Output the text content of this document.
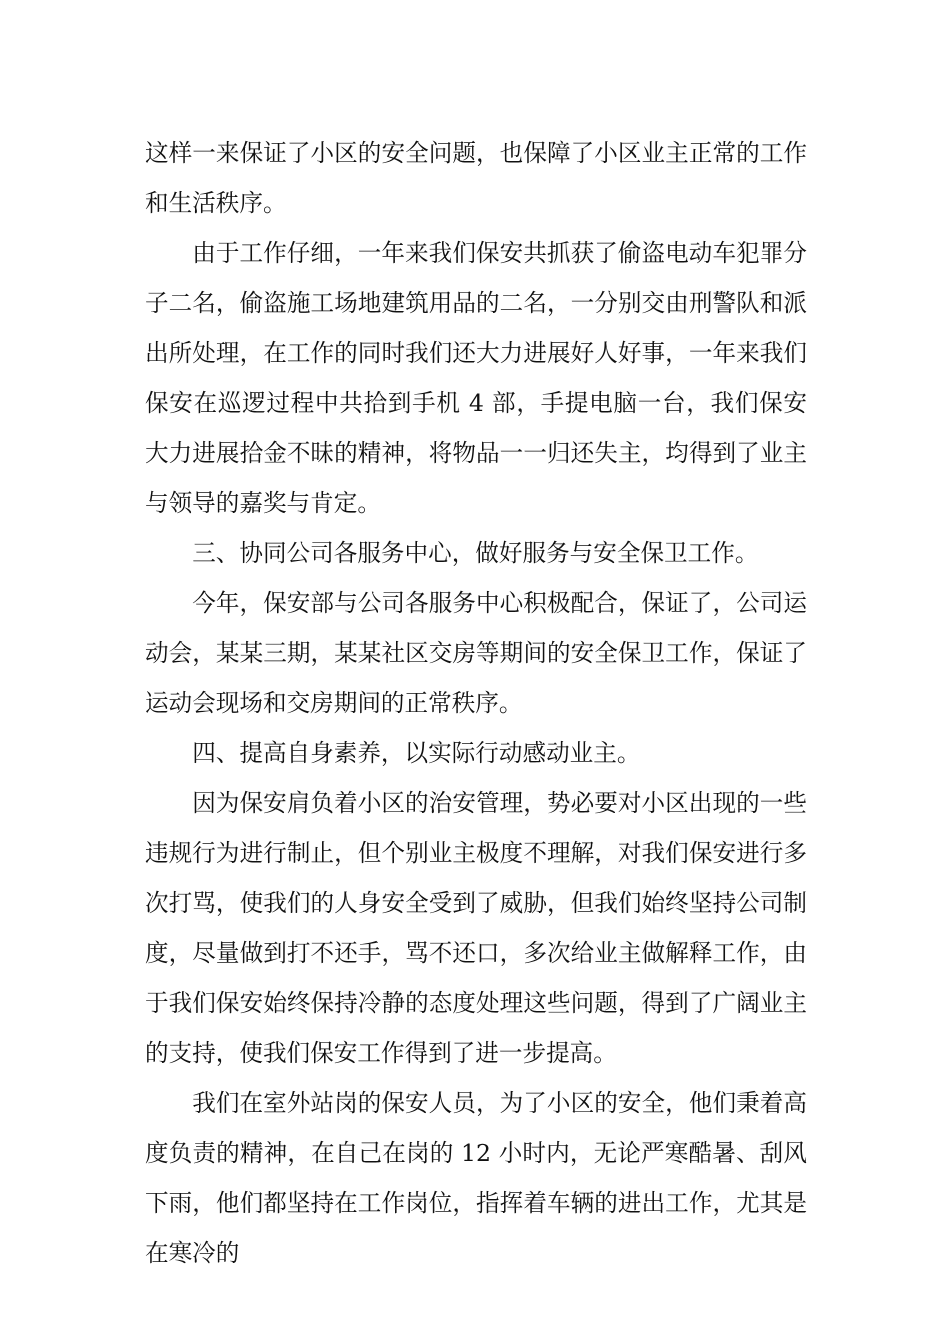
这样一来保证了小区的安全问题，也保障了小区业主正常的工作和生活秩序。

由于工作仔细，一年来我们保安共抓获了偷盗电动车犯罪分子二名，偷盗施工场地建筑用品的二名，一分别交由刑警队和派出所处理，在工作的同时我们还大力进展好人好事，一年来我们保安在巡逻过程中共拾到手机 4 部，手提电脑一台，我们保安大力进展拾金不昧的精神，将物品一一归还失主，均得到了业主与领导的嘉奖与肯定。

三、协同公司各服务中心，做好服务与安全保卫工作。

今年，保安部与公司各服务中心积极配合，保证了，公司运动会，某某三期，某某社区交房等期间的安全保卫工作，保证了运动会现场和交房期间的正常秩序。

四、提高自身素养，以实际行动感动业主。

因为保安肩负着小区的治安管理，势必要对小区出现的一些违规行为进行制止，但个别业主极度不理解，对我们保安进行多次打骂，使我们的人身安全受到了威胁，但我们始终坚持公司制度，尽量做到打不还手，骂不还口，多次给业主做解释工作，由于我们保安始终保持冷静的态度处理这些问题，得到了广阔业主的支持，使我们保安工作得到了进一步提高。

我们在室外站岗的保安人员，为了小区的安全，他们秉着高度负责的精神，在自己在岗的 12 小时内，无论严寒酷暑、刮风下雨，他们都坚持在工作岗位，指挥着车辆的进出工作，尤其是在寒冷的
